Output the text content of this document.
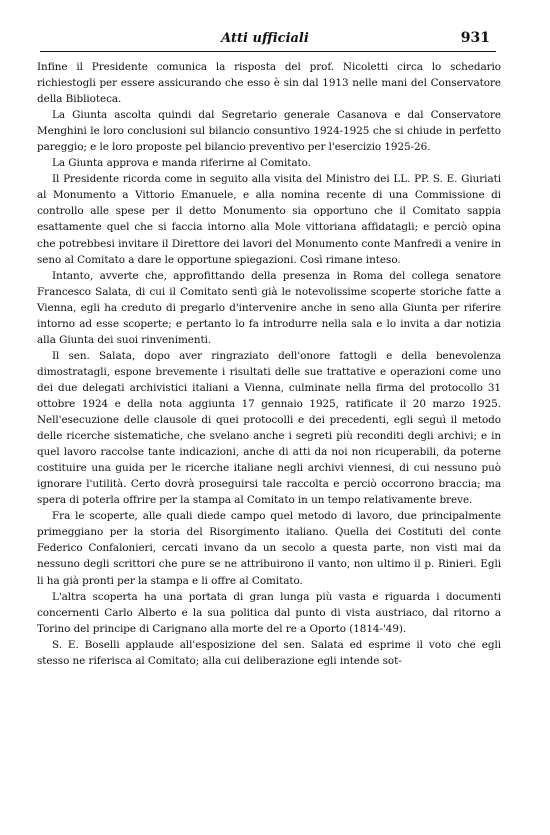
Atti ufficiali	931

Infine il Presidente comunica la risposta del prof. Nicoletti circa lo schedario richiestogli per essere assicurando che esso è sin dal 1913 nelle mani del Conservatore della Biblioteca.

La Giunta ascolta quindi dal Segretario generale Casanova e dal Conservatore Menghini le loro conclusioni sul bilancio consuntivo 1924-1925 che si chiude in perfetto pareggio; e le loro proposte pel bilancio preventivo per l'esercizio 1925-26.

La Giunta approva e manda riferirne al Comitato.

Il Presidente ricorda come in seguito alla visita del Ministro dei LL. PP. S. E. Giuriati al Monumento a Vittorio Emanuele, e alla nomina recente di una Commissione di controllo alle spese per il detto Monumento sia opportuno che il Comitato sappia esattamente quel che si faccia intorno alla Mole vittoriana affidatagli; e perciò opina che potrebbesi invitare il Direttore dei lavori del Monumento conte Manfredi a venire in seno al Comitato a dare le opportune spiegazioni. Così rimane inteso.

Intanto, avverte che, approfittando della presenza in Roma del collega senatore Francesco Salata, di cui il Comitato sentì già le notevolissime scoperte storiche fatte a Vienna, egli ha creduto di pregarlo d'intervenire anche in seno alla Giunta per riferire intorno ad esse scoperte; e pertanto lo fa introdurre nella sala e lo invita a dar notizia alla Giunta dei suoi rinvenimenti.

Il sen. Salata, dopo aver ringraziato dell'onore fattogli e della benevolenza dimostratagli, espone brevemente i risultati delle sue trattative e operazioni come uno dei due delegati archivistici italiani a Vienna, culminate nella firma del protocollo 31 ottobre 1924 e della nota aggiunta 17 gennaio 1925, ratificate il 20 marzo 1925. Nell'esecuzione delle clausole di quei protocolli e dei precedenti, egli seguì il metodo delle ricerche sistematiche, che svelano anche i segreti più reconditi degli archivi; e in quel lavoro raccolse tante indicazioni, anche di atti da noi non ricuperabili, da poterne costituire una guida per le ricerche italiane negli archivi viennesi, di cui nessuno può ignorare l'utilità. Certo dovrà proseguirsi tale raccolta e perciò occorrono braccia; ma spera di poterla offrire per la stampa al Comitato in un tempo relativamente breve.

Fra le scoperte, alle quali diede campo quel metodo di lavoro, due principalmente primeggiano per la storia del Risorgimento italiano. Quella dei Costituti del conte Federico Confalonieri, cercati invano da un secolo a questa parte, non visti mai da nessuno degli scrittori che pure se ne attribuirono il vanto, non ultimo il p. Rinieri. Egli li ha già pronti per la stampa e li offre al Comitato.

L'altra scoperta ha una portata di gran lunga più vasta e riguarda i documenti concernenti Carlo Alberto e la sua politica dal punto di vista austriaco, dal ritorno a Torino del principe di Carignano alla morte del re a Oporto (1814-'49).

S. E. Boselli applaude all'esposizione del sen. Salata ed esprime il voto che egli stesso ne riferisca al Comitato; alla cui deliberazione egli intende sot-
